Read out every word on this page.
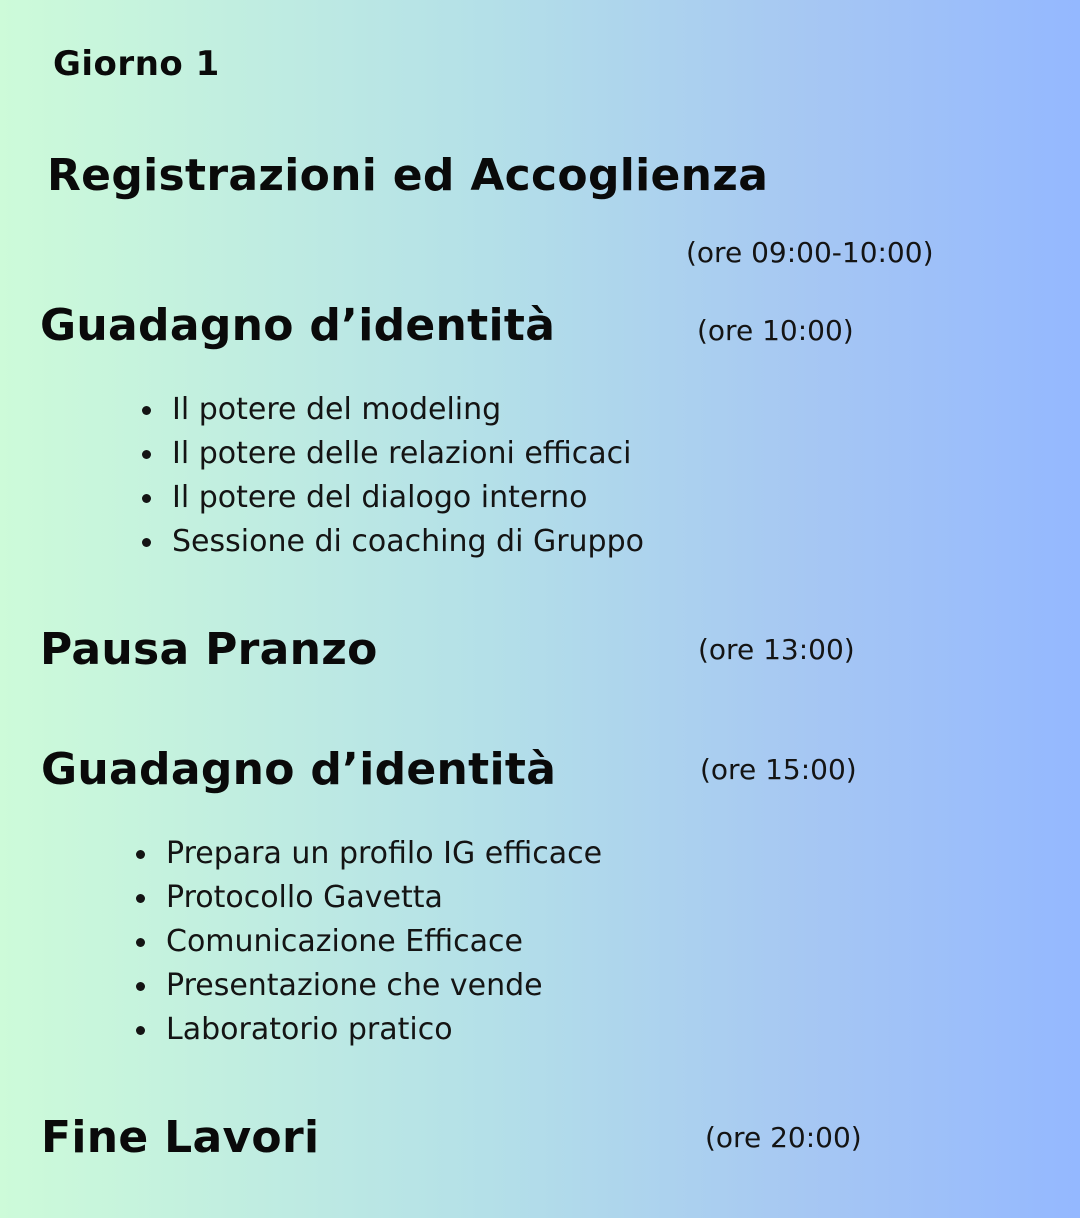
Giorno 1
Registrazioni ed Accoglienza
(ore 09:00-10:00)
Guadagno d’identità	(ore 10:00)
Il potere del modeling
Il potere delle relazioni efficaci
Il potere del dialogo interno
Sessione di coaching di Gruppo
Pausa Pranzo	(ore 13:00)
Guadagno d’identità	(ore 15:00)
Prepara un profilo IG efficace
Protocollo Gavetta
Comunicazione Efficace
Presentazione che vende
Laboratorio pratico
Fine Lavori	(ore 20:00)
